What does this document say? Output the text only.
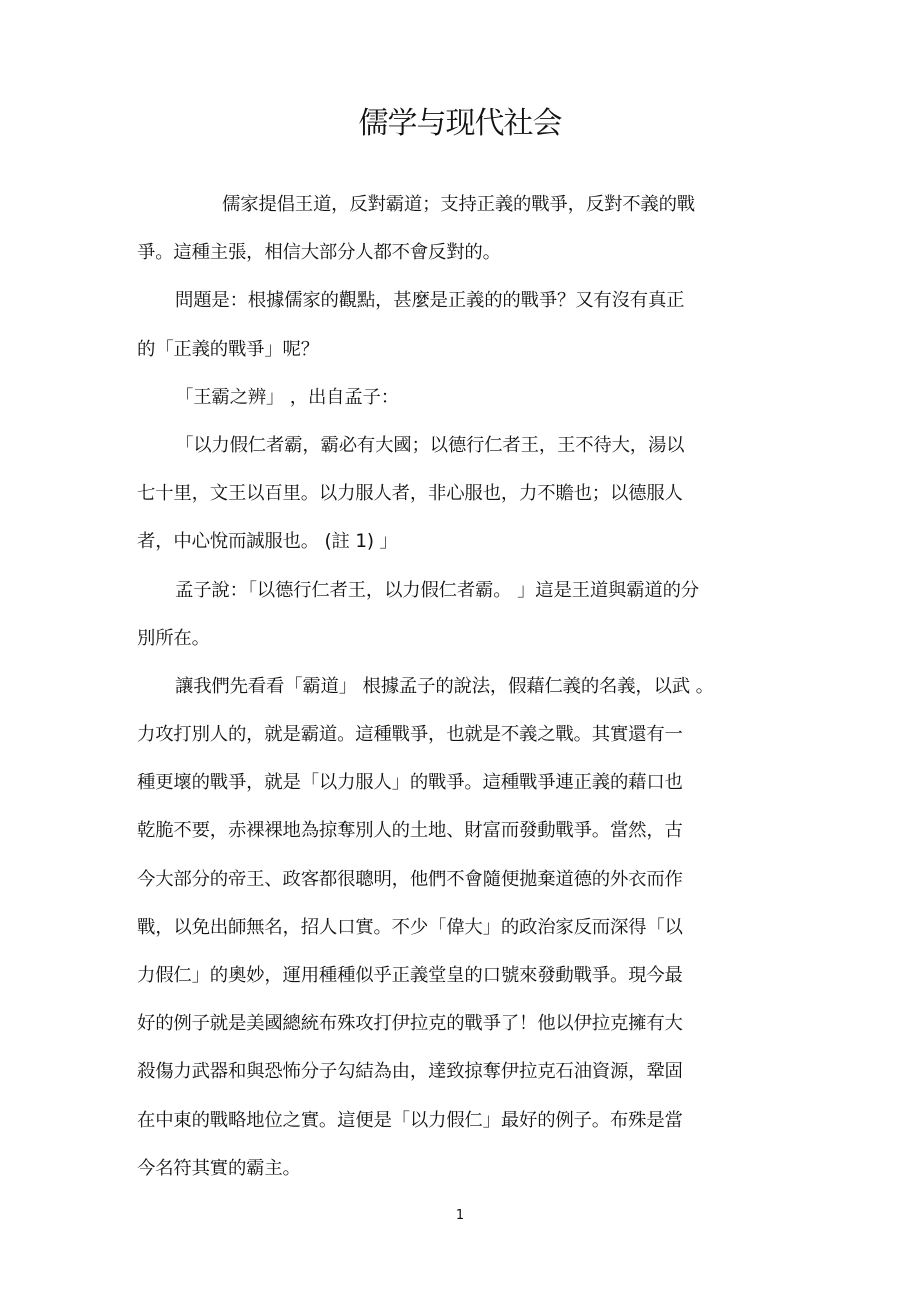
儒学与现代社会
儒家提倡王道，反對霸道；支持正義的戰爭，反對不義的戰
爭。這種主張，相信大部分人都不會反對的。
問題是：根據儒家的觀點，甚麼是正義的的戰爭？又有沒有真正
的「正義的戰爭」呢？
「王霸之辨」 ，出自孟子：
「以力假仁者霸，霸必有大國；以德行仁者王，王不待大，湯以
七十里，文王以百里。以力服人者，非心服也，力不贍也；以德服人
者，中心悅而誠服也。 (註 1) 」
孟子說：「以德行仁者王，以力假仁者霸。 」這是王道與霸道的分
別所在。
讓我們先看看「霸道」 根據孟子的說法，假藉仁義的名義，以武 。
力攻打別人的，就是霸道。這種戰爭，也就是不義之戰。其實還有一
種更壞的戰爭，就是「以力服人」的戰爭。這種戰爭連正義的藉口也
乾脆不要，赤裸裸地為掠奪別人的土地、財富而發動戰爭。當然，古
今大部分的帝王、政客都很聰明，他們不會隨便拋棄道德的外衣而作
戰，以免出師無名，招人口實。不少「偉大」的政治家反而深得「以
力假仁」的奧妙，運用種種似乎正義堂皇的口號來發動戰爭。現今最
好的例子就是美國總統布殊攻打伊拉克的戰爭了！他以伊拉克擁有大
殺傷力武器和與恐怖分子勾結為由，達致掠奪伊拉克石油資源，鞏固
在中東的戰略地位之實。這便是「以力假仁」最好的例子。布殊是當
今名符其實的霸主。
1
